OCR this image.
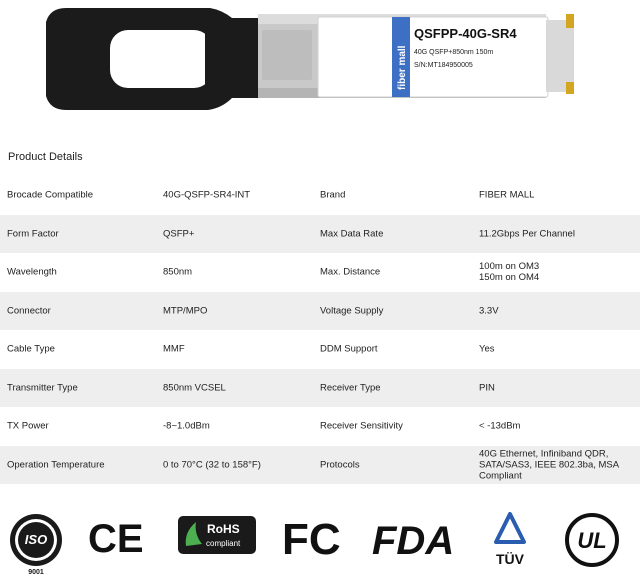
fiber mall
QSFPP-40G-SR4
40G QSFP+850nm 150m
S/N:MT184950005
Product Details
Brocade Compatible	40G-QSFP-SR4-INT	Brand	FIBER MALL
Form Factor	QSFP+	Max Data Rate	11.2Gbps Per Channel
Wavelength	850nm	Max. Distance	100m on OM3
150m on OM4
Connector	MTP/MPO	Voltage Supply	3.3V
Cable Type	MMF	DDM Support	Yes
Transmitter Type	850nm VCSEL	Receiver Type	PIN
TX Power	-8~1.0dBm	Receiver Sensitivity	< -13dBm
Operation Temperature	0 to 70°C (32 to 158°F)	Protocols
40G Ethernet, Infiniband QDR,
SATA/SAS3, IEEE 802.3ba, MSA
Compliant
ISO
9001
CE	RoHS
compliant FC FDA	TÜV
UL
